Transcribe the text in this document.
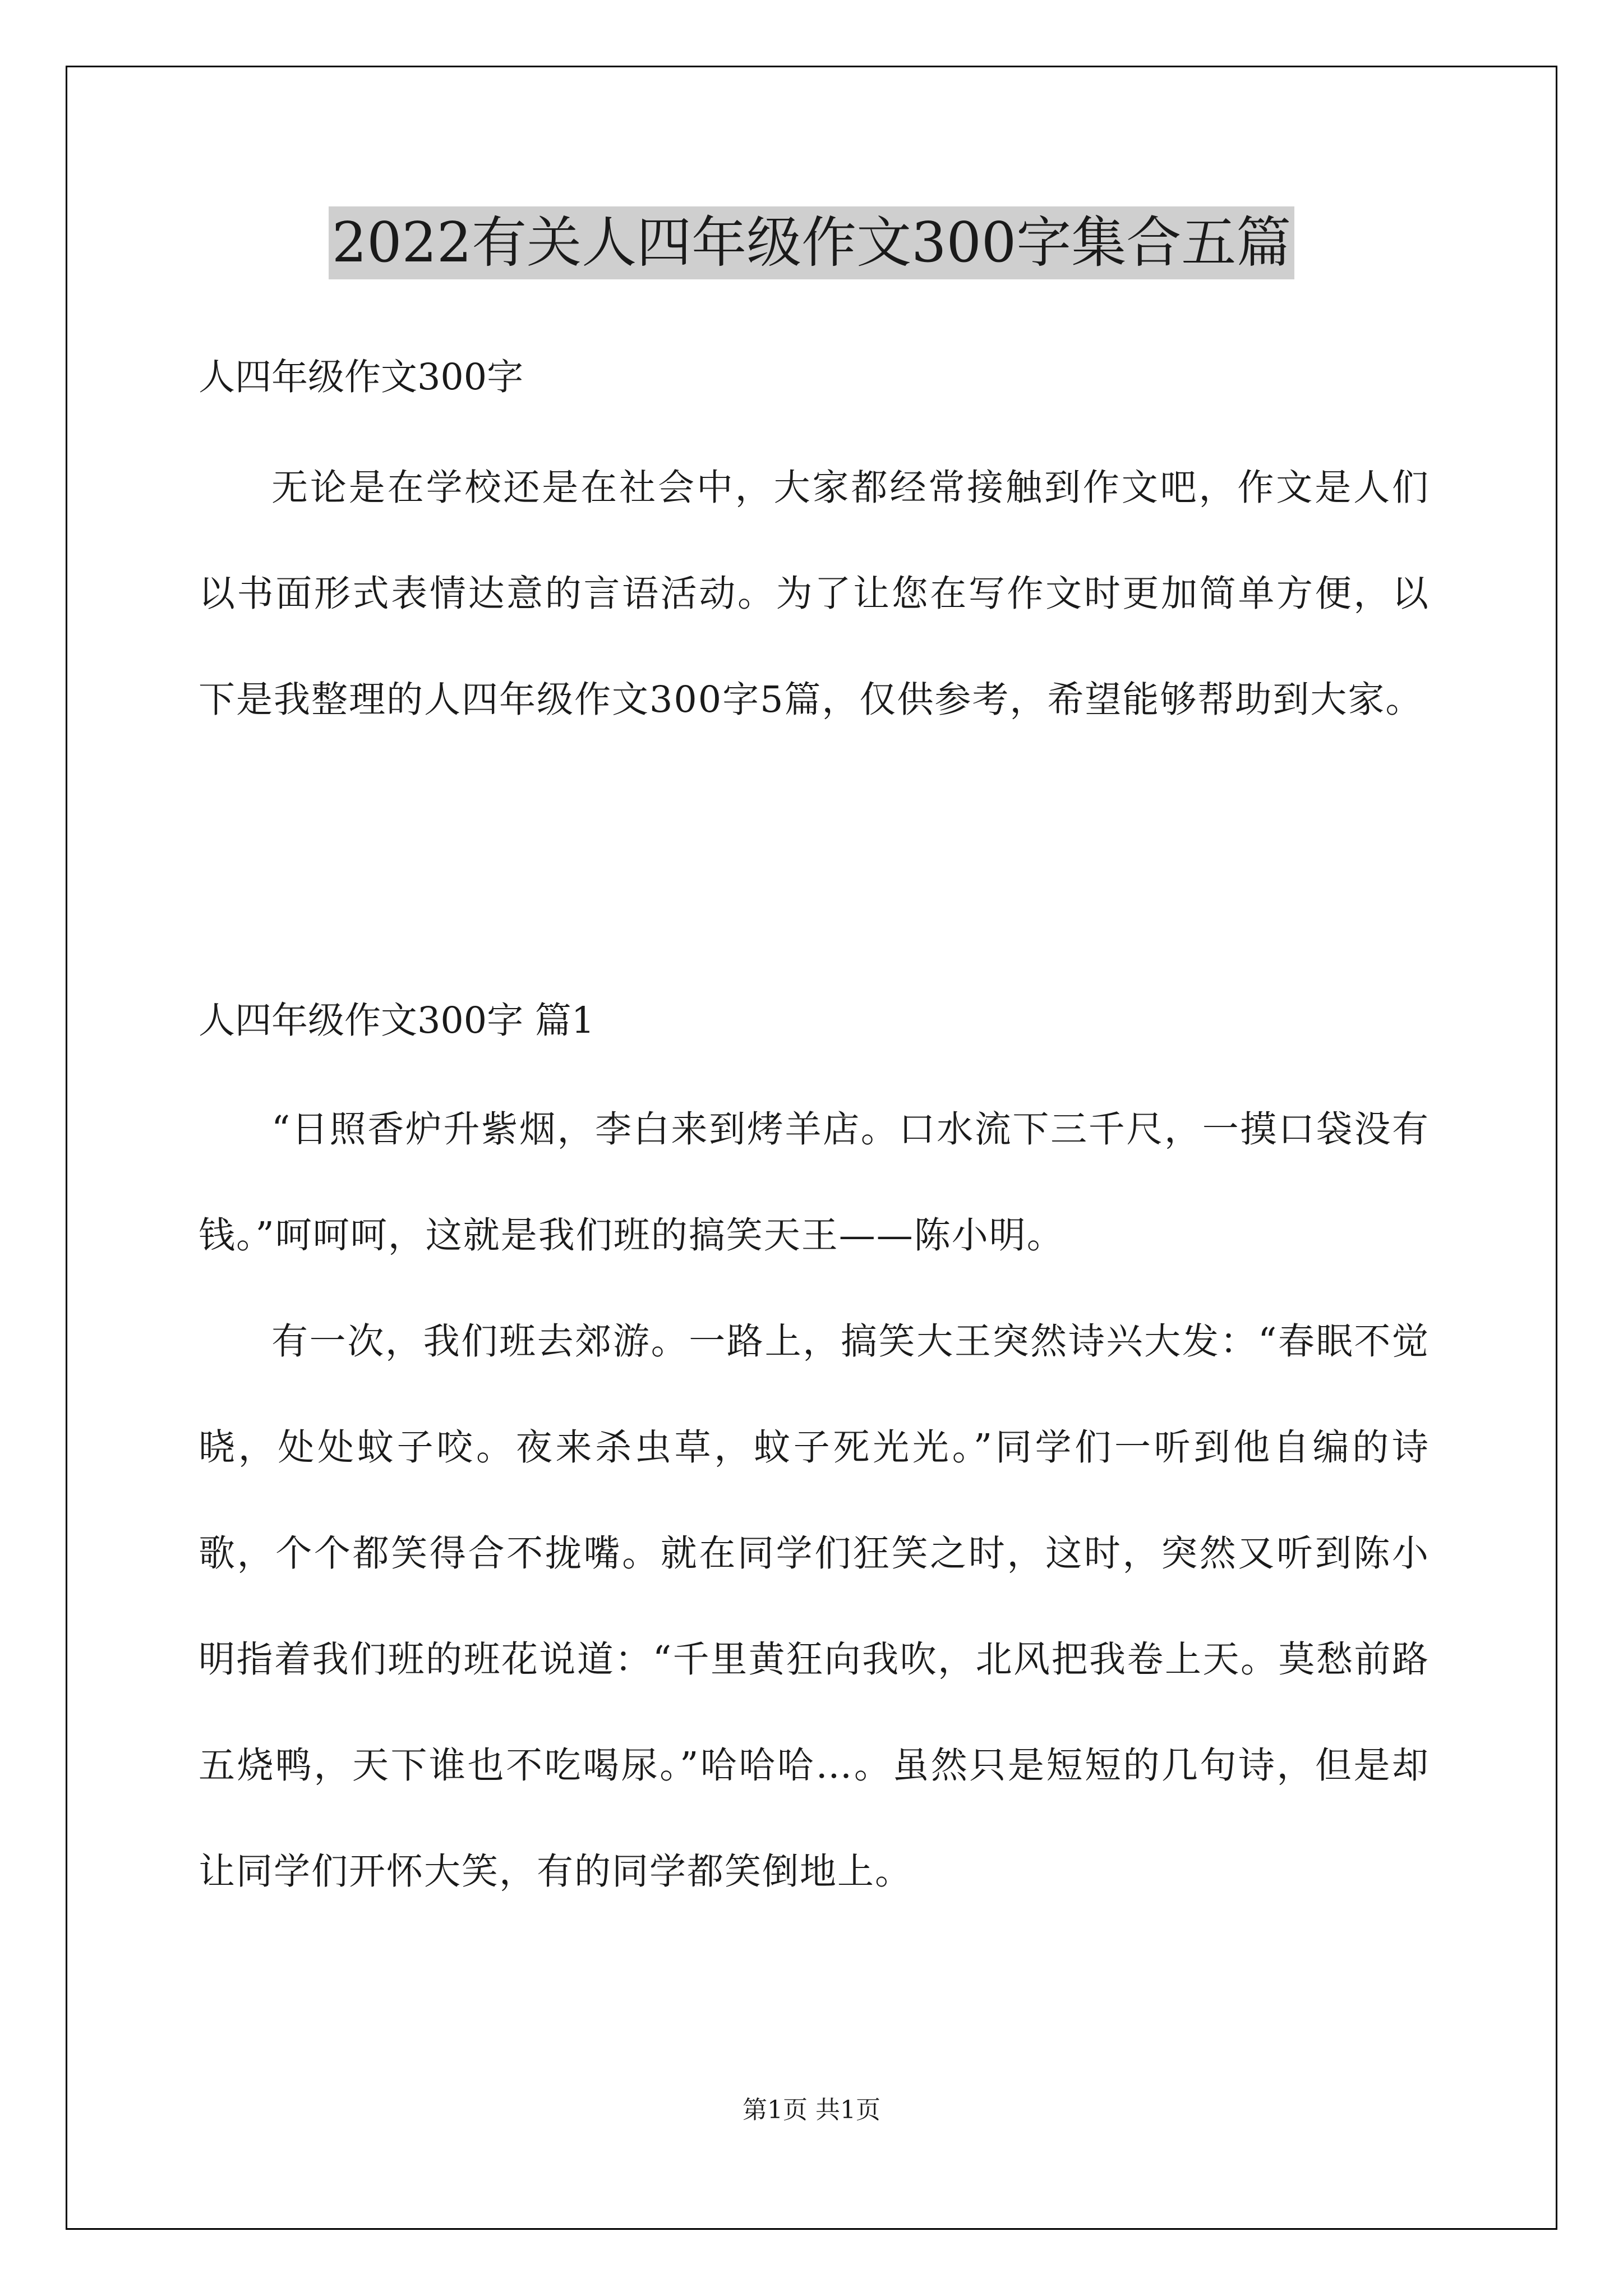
2022有关人四年级作文300字集合五篇
人四年级作文300字
无论是在学校还是在社会中，大家都经常接触到作文吧，作文是人们以书面形式表情达意的言语活动。为了让您在写作文时更加简单方便，以下是我整理的人四年级作文300字5篇，仅供参考，希望能够帮助到大家。
人四年级作文300字 篇1
“日照香炉升紫烟，李白来到烤羊店。口水流下三千尺，一摸口袋没有钱。”呵呵呵，这就是我们班的搞笑天王——陈小明。
有一次，我们班去郊游。一路上，搞笑大王突然诗兴大发：“春眠不觉晓，处处蚊子咬。夜来杀虫草，蚊子死光光。”同学们一听到他自编的诗歌，个个都笑得合不拢嘴。就在同学们狂笑之时，这时，突然又听到陈小明指着我们班的班花说道：“千里黄狂向我吹，北风把我卷上天。莫愁前路五烧鸭，天下谁也不吃喝尿。”哈哈哈…。虽然只是短短的几句诗，但是却让同学们开怀大笑，有的同学都笑倒地上。
第1页 共1页
